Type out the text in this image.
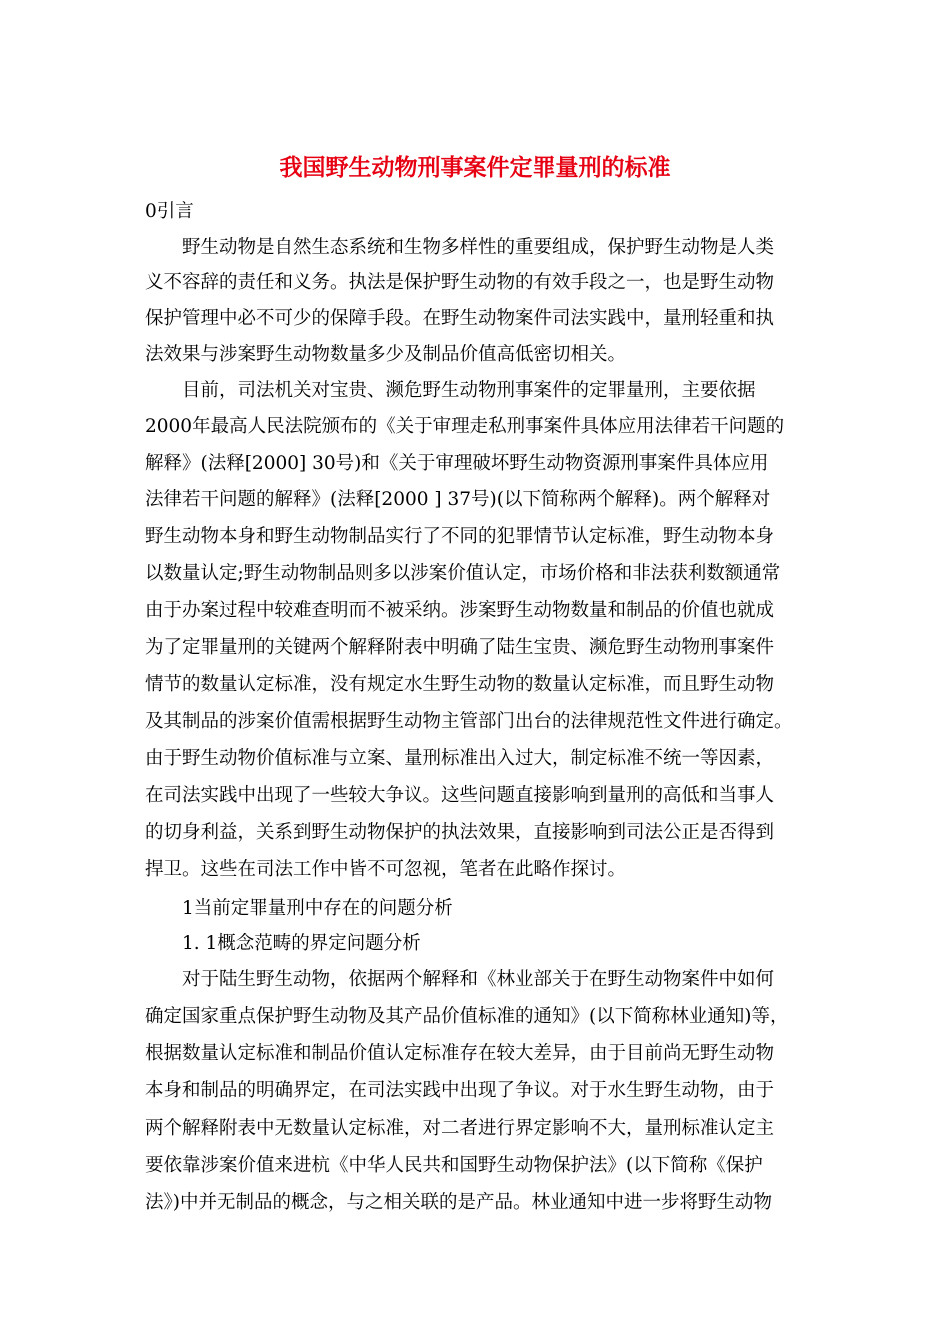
我国野生动物刑事案件定罪量刑的标准
0引言
野生动物是自然生态系统和生物多样性的重要组成，保护野生动物是人类
义不容辞的责任和义务。执法是保护野生动物的有效手段之一，也是野生动物
保护管理中必不可少的保障手段。在野生动物案件司法实践中，量刑轻重和执
法效果与涉案野生动物数量多少及制品价值高低密切相关。
目前，司法机关对宝贵、濒危野生动物刑事案件的定罪量刑，主要依据
2000年最高人民法院颁布的《关于审理走私刑事案件具体应用法律若干问题的
解释》(法释[2000] 30号)和《关于审理破坏野生动物资源刑事案件具体应用
法律若干问题的解释》(法释[2000 ] 37号)(以下简称两个解释)。两个解释对
野生动物本身和野生动物制品实行了不同的犯罪情节认定标准，野生动物本身
以数量认定;野生动物制品则多以涉案价值认定，市场价格和非法获利数额通常
由于办案过程中较难查明而不被采纳。涉案野生动物数量和制品的价值也就成
为了定罪量刑的关键两个解释附表中明确了陆生宝贵、濒危野生动物刑事案件
情节的数量认定标准，没有规定水生野生动物的数量认定标准，而且野生动物
及其制品的涉案价值需根据野生动物主管部门出台的法律规范性文件进行确定。
由于野生动物价值标准与立案、量刑标准出入过大，制定标准不统一等因素，
在司法实践中出现了一些较大争议。这些问题直接影响到量刑的高低和当事人
的切身利益，关系到野生动物保护的执法效果，直接影响到司法公正是否得到
捍卫。这些在司法工作中皆不可忽视，笔者在此略作探讨。
1当前定罪量刑中存在的问题分析
1. 1概念范畴的界定问题分析
对于陆生野生动物，依据两个解释和《林业部关于在野生动物案件中如何
确定国家重点保护野生动物及其产品价值标准的通知》(以下简称林业通知)等，
根据数量认定标准和制品价值认定标准存在较大差异，由于目前尚无野生动物
本身和制品的明确界定，在司法实践中出现了争议。对于水生野生动物，由于
两个解释附表中无数量认定标准，对二者进行界定影响不大，量刑标准认定主
要依靠涉案价值来进杭《中华人民共和国野生动物保护法》(以下简称《保护
法》)中并无制品的概念，与之相关联的是产品。林业通知中进一步将野生动物
